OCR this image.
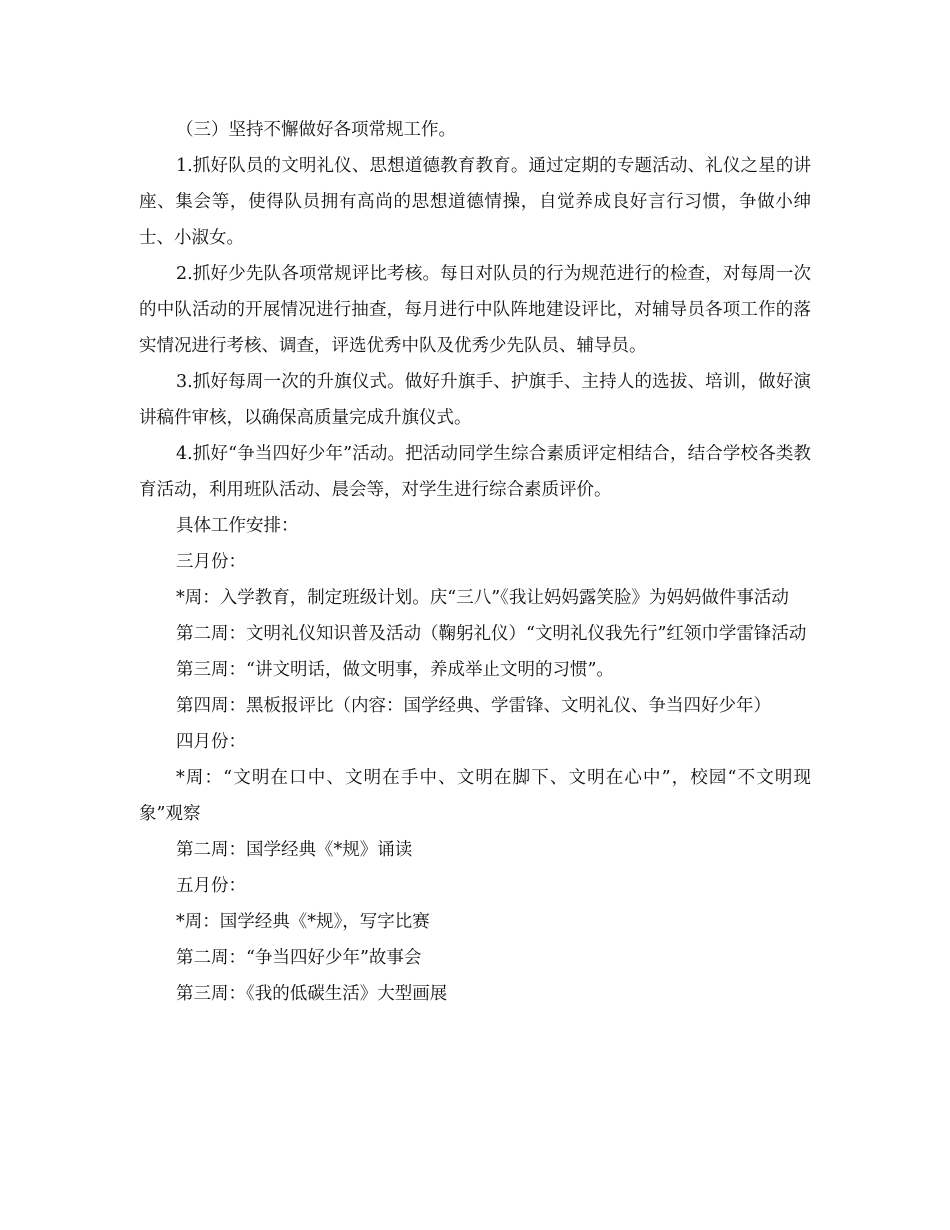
（三）坚持不懈做好各项常规工作。

1.抓好队员的文明礼仪、思想道德教育教育。通过定期的专题活动、礼仪之星的讲座、集会等，使得队员拥有高尚的思想道德情操，自觉养成良好言行习惯，争做小绅士、小淑女。

2.抓好少先队各项常规评比考核。每日对队员的行为规范进行的检查，对每周一次的中队活动的开展情况进行抽查，每月进行中队阵地建设评比，对辅导员各项工作的落实情况进行考核、调查，评选优秀中队及优秀少先队员、辅导员。

3.抓好每周一次的升旗仪式。做好升旗手、护旗手、主持人的选拔、培训，做好演讲稿件审核，以确保高质量完成升旗仪式。

4.抓好“争当四好少年”活动。把活动同学生综合素质评定相结合，结合学校各类教育活动，利用班队活动、晨会等，对学生进行综合素质评价。

具体工作安排：

三月份：

*周：入学教育，制定班级计划。庆“三八”《我让妈妈露笑脸》为妈妈做件事活动

第二周：文明礼仪知识普及活动（鞠躬礼仪）“文明礼仪我先行”红领巾学雷锋活动

第三周：“讲文明话，做文明事，养成举止文明的习惯”。

第四周：黑板报评比（内容：国学经典、学雷锋、文明礼仪、争当四好少年）

四月份：

*周：“文明在口中、文明在手中、文明在脚下、文明在心中”，校园“不文明现象”观察

第二周：国学经典《*规》诵读

五月份：

*周：国学经典《*规》，写字比赛

第二周：“争当四好少年”故事会

第三周：《我的低碳生活》大型画展
